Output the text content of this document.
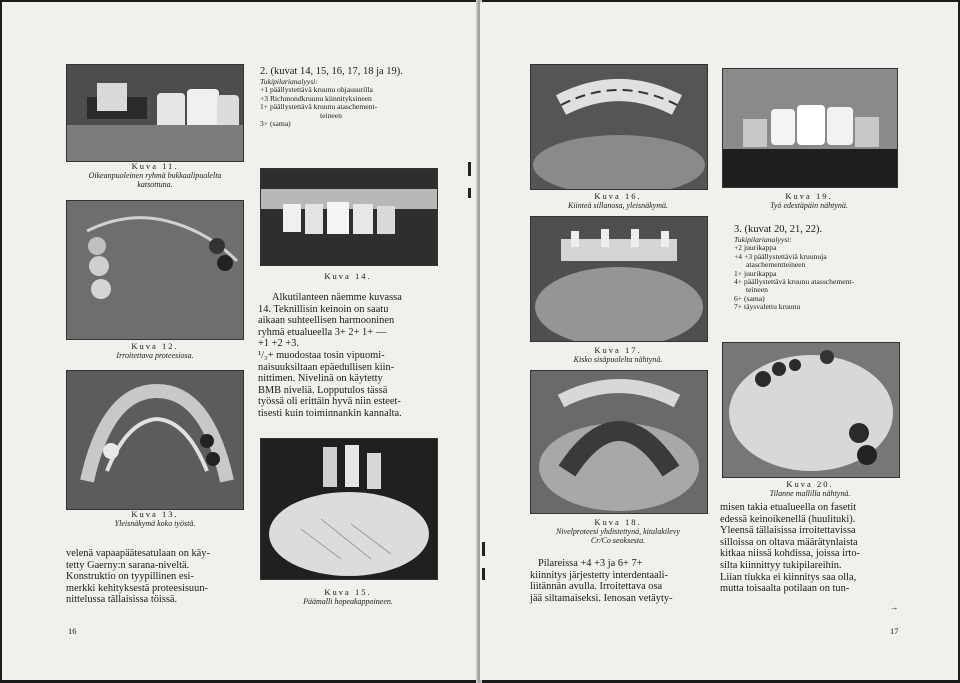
Kuva 11.
Oikeanpuoleinen ryhmä bukkaalipuolelta
katsottuna.
Kuva 12.
Irroitettava proteesiosa.
Kuva 13.
Yleisnäkymä koko työstä.
2. (kuvat 14, 15, 16, 17, 18 ja 19).
Tukipilarianalyysi:
+1 päällystettävä kruunu ohjausurilla
+3 Richmondkruunu kiinnityksineen
1+ päällystettävä kruunu ataschement-
teineen
3+ (sama)
Kuva 14.
Alkutilanteen näemme kuvassa
14. Teknillisin keinoin on saatu
aikaan suhteellisen harmooninen
ryhmä etualueella 3+ 2+ 1+ —
+1 +2 +3.
¹/₃+ muodostaa tosin vipuomi-
naisuuksiltaan epäedullisen kiin-
nittimen. Nivelinä on käytetty
BMB niveliä. Lopputulos tässä
työssä oli erittäin hyvä niin esteet-
tisesti kuin toiminnankin kannalta.
Kuva 15.
Päämalli hopeakappoineen.
velenä vapaapäätesatulaan on käy-
tetty Gaerny:n sarana-niveltä.
Konstruktio on tyypillinen esi-
merkki kehityksestä proteesisuun-
nittelussa tällaisissa töissä.
16
Kuva 16.
Kiinteä sillanosa, yleisnäkymä.
Kuva 17.
Kisko sisäpuolelta nähtynä.
Kuva 18.
Nivelproteesi yhdistettynä, kitalakilevy
Cr/Co seoksesta.
Pilareissa +4 +3 ja 6+ 7+
kiinnitys järjestetty interdentaali-
liitännän avulla. Irroitettava osa
jää siltamaiseksi. Ienosan vetäyty-
Kuva 19.
Työ edestäpäin nähtynä.
3. (kuvat 20, 21, 22).
Tukipilarianalyysi:
+2 juurikappa
+4 +3 päällystettäviä kruunuja
ataschementteineen
1+ juurikappa
4+ päällystettävä kruunu atasschement-
teineen
6+ (sama)
7+ täysvalettu kruunu
Kuva 20.
Tilanne mallilla nähtynä.
misen takia etualueella on fasetit
edessä keinoikenellä (huulituki).
Yleensä tällaisissa irroitettavissa
silloissa on oltava määrätynlaista
kitkaa niissä kohdissa, joissa irto-
silta kiinnittyy tukipilareihin.
Liian tiukka ei kiinnitys saa olla,
mutta toisaalta potilaan on tun-
→
17
